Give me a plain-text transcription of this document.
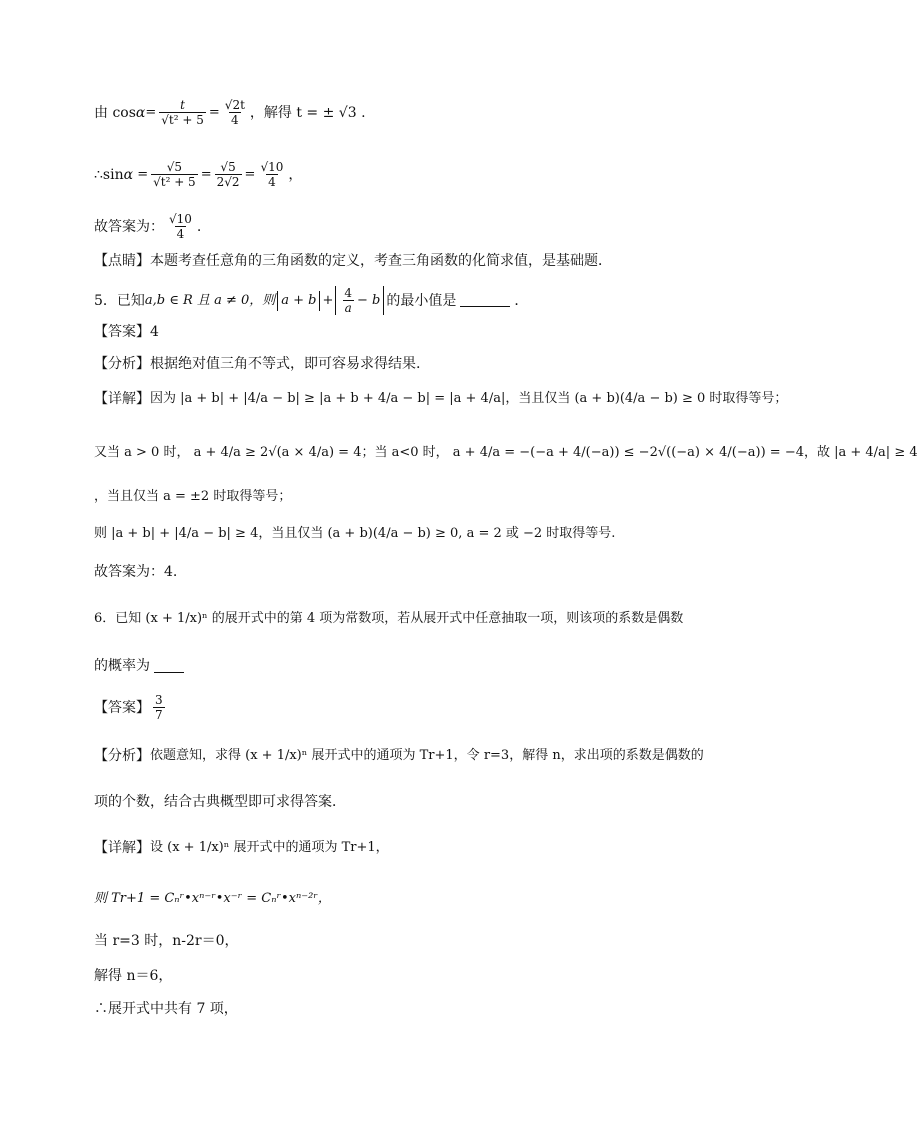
由 $\cos \alpha = \frac{t}{\text{√t² + 5}} = \frac{√2t}{4}$ ，解得 t = ± √3 .
∴sin $\alpha = \frac{√5}{\text{√t² + 5}} = \frac{√5}{2√2} = \frac{√10}{4}$ ，
故答案为： $\frac{√10}{4}$ .
【点睛】 本题考查任意角的三角函数的定义，考查三角函数的化简求值，是基础题．
5．已知 a,b ∈ R 且 a ≠ 0，则 $a + b + \frac{4}{a} - b$ 的最小值是	．
【答案】 4
【分析】 根据绝对值三角不等式，即可容易求得结果.
【详解】 因为 |a + b| + |4/a − b| ≥ |a + b + 4/a − b| = |a + 4/a|，当且仅当 (a + b)(4/a − b) ≥ 0 时取得等号；
又当 a > 0 时， a + 4/a ≥ 2√(a × 4/a) = 4；当 a<0 时， a + 4/a = −(−a + 4/(−a)) ≤ −2√((−a) × 4/(−a)) = −4，故 |a + 4/a| ≥ 4
，当且仅当 a = ±2 时取得等号；
则 |a + b| + |4/a − b| ≥ 4，当且仅当 (a + b)(4/a − b) ≥ 0, a = 2 或 −2 时取得等号.
故答案为：4.
6．已知 (x + 1/x)ⁿ 的展开式中的第 4 项为常数项，若从展开式中任意抽取一项，则该项的系数是偶数
的概率为
【答案】 $\frac{3}{7}$
【分析】 依题意知，求得 (x + 1/x)ⁿ 展开式中的通项为 Tr+1，令 r=3，解得 n，求出项的系数是偶数的
项的个数，结合古典概型即可求得答案．
【详解】 设 (x + 1/x)ⁿ 展开式中的通项为 Tr+1，
则 Tr+1 = Cₙʳ•xⁿ⁻ʳ•x⁻ʳ = Cₙʳ•xⁿ⁻²ʳ，
当 r=3 时，n-2r＝0，
解得 n＝6，
∴展开式中共有 7 项，
